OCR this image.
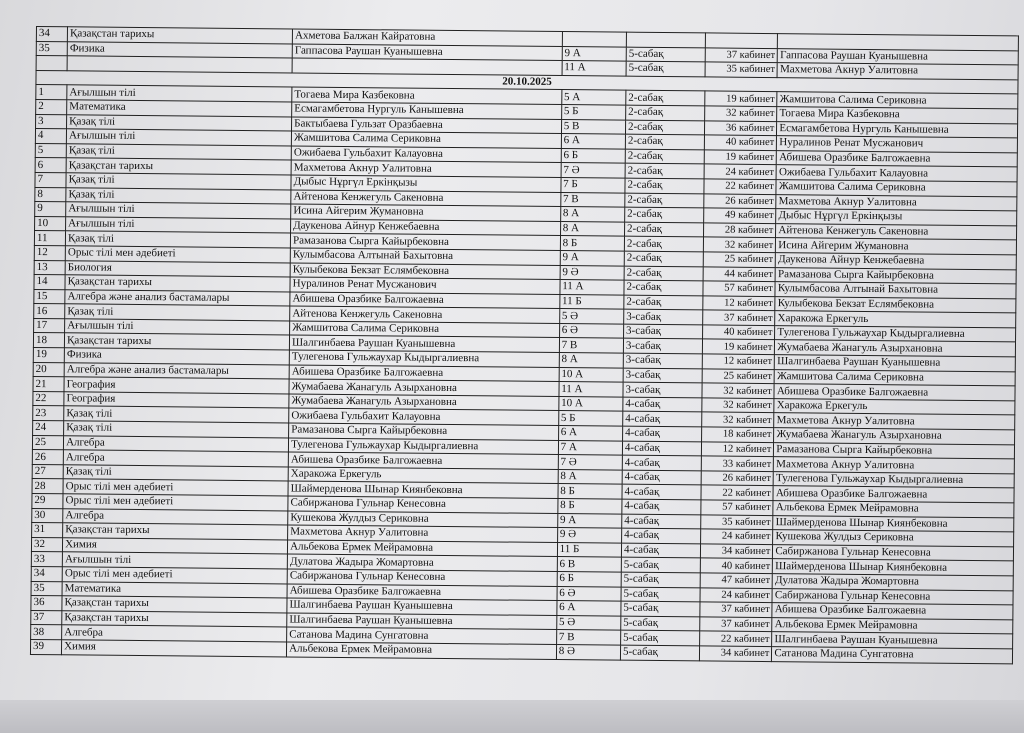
34	Қазақстан тарихы	Ахметова Балжан Кайратовна				
35	Физика	Гаппасова Раушан Куанышевна	9 А	5-сабақ	37 кабинет	Гаппасова Раушан Куанышевна
			11 А	5-сабақ	35 кабинет	Махметова Акнур Уалитовна
20.10.2025						
1	Ағылшын тілі	Тогаева Мира Казбековна	5 А	2-сабақ	19 кабинет	Жамшитова Салима Сериковна
2	Математика	Есмагамбетова Нургуль Канышевна	5 Б	2-сабақ	32 кабинет	Тогаева Мира Казбековна
3	Қазақ тілі	Бактыбаева Гульзат Оразбаевна	5 В	2-сабақ	36 кабинет	Есмагамбетова Нургуль Канышевна
4	Ағылшын тілі	Жамшитова Салима Сериковна	6 А	2-сабақ	40 кабинет	Нуралинов Ренат Мусжанович
5	Қазақ тілі	Ожибаева Гульбахит Калауовна	6 Б	2-сабақ	19 кабинет	Абишева Оразбике Балгожаевна
6	Қазақстан тарихы	Махметова Акнур Уалитовна	7 Ә	2-сабақ	24 кабинет	Ожибаева Гульбахит Калауовна
7	Қазақ тілі	Дыбыс Нұргүл Еркінқызы	7 Б	2-сабақ	22 кабинет	Жамшитова Салима Сериковна
8	Қазақ тілі	Айтенова Кенжегуль Сакеновна	7 В	2-сабақ	26 кабинет	Махметова Акнур Уалитовна
9	Ағылшын тілі	Исина Айгерим Жумановна	8 А	2-сабақ	49 кабинет	Дыбыс Нұргүл Еркінқызы
10	Ағылшын тілі	Даукенова Айнур Кенжебаевна	8 А	2-сабақ	28 кабинет	Айтенова Кенжегуль Сакеновна
11	Қазақ тілі	Рамазанова Сырга Кайырбековна	8 Б	2-сабақ	32 кабинет	Исина Айгерим Жумановна
12	Орыс тілі мен әдебиеті	Кулымбасова Алтынай Бахытовна	9 А	2-сабақ	25 кабинет	Даукенова Айнур Кенжебаевна
13	Биология	Кулыбекова Бекзат Еслямбековна	9 Ә	2-сабақ	44 кабинет	Рамазанова Сырга Кайырбековна
14	Қазақстан тарихы	Нуралинов Ренат Мусжанович	11 А	2-сабақ	57 кабинет	Кулымбасова Алтынай Бахытовна
15	Алгебра және анализ бастамалары	Абишева Оразбике Балгожаевна	11 Б	2-сабақ	12 кабинет	Кулыбекова Бекзат Еслямбековна
16	Қазақ тілі	Айтенова Кенжегуль Сакеновна	5 Ә	3-сабақ	37 кабинет	Харакожа Еркегуль
17	Ағылшын тілі	Жамшитова Салима Сериковна	6 Ә	3-сабақ	40 кабинет	Тулегенова Гульжаухар Кыдыргалиевна
18	Қазақстан тарихы	Шалгинбаева Раушан Куанышевна	7 В	3-сабақ	19 кабинет	Жумабаева Жанагуль Азырхановна
19	Физика	Тулегенова Гульжаухар Кыдыргалиевна	8 А	3-сабақ	12 кабинет	Шалгинбаева Раушан Куанышевна
20	Алгебра және анализ бастамалары	Абишева Оразбике Балгожаевна	10 А	3-сабақ	25 кабинет	Жамшитова Салима Сериковна
21	География	Жумабаева Жанагуль Азырхановна	11 А	3-сабақ	32 кабинет	Абишева Оразбике Балгожаевна
22	География	Жумабаева Жанагуль Азырхановна	10 А	4-сабақ	32 кабинет	Харакожа Еркегуль
23	Қазақ тілі	Ожибаева Гульбахит Калауовна	5 Б	4-сабақ	32 кабинет	Махметова Акнур Уалитовна
24	Қазақ тілі	Рамазанова Сырга Кайырбековна	6 А	4-сабақ	18 кабинет	Жумабаева Жанагуль Азырхановна
25	Алгебра	Тулегенова Гульжаухар Кыдыргалиевна	7 А	4-сабақ	12 кабинет	Рамазанова Сырга Кайырбековна
26	Алгебра	Абишева Оразбике Балгожаевна	7 Ә	4-сабақ	33 кабинет	Махметова Акнур Уалитовна
27	Қазақ тілі	Харакожа Еркегуль	8 А	4-сабақ	26 кабинет	Тулегенова Гульжаухар Кыдыргалиевна
28	Орыс тілі мен әдебиеті	Шаймерденова Шынар Киянбековна	8 Б	4-сабақ	22 кабинет	Абишева Оразбике Балгожаевна
29	Орыс тілі мен әдебиеті	Сабиржанова Гульнар Кенесовна	8 Б	4-сабақ	57 кабинет	Альбекова Ермек Мейрамовна
30	Алгебра	Кушекова Жулдыз Сериковна	9 А	4-сабақ	35 кабинет	Шаймерденова Шынар Киянбековна
31	Қазақстан тарихы	Махметова Акнур Уалитовна	9 Ә	4-сабақ	24 кабинет	Кушекова Жулдыз Сериковна
32	Химия	Альбекова Ермек Мейрамовна	11 Б	4-сабақ	34 кабинет	Сабиржанова Гульнар Кенесовна
33	Ағылшын тілі	Дулатова Жадыра Жомартовна	6 В	5-сабақ	40 кабинет	Шаймерденова Шынар Киянбековна
34	Орыс тілі мен әдебиеті	Сабиржанова Гульнар Кенесовна	6 Б	5-сабақ	47 кабинет	Дулатова Жадыра Жомартовна
35	Математика	Абишева Оразбике Балгожаевна	6 Ә	5-сабақ	24 кабинет	Сабиржанова Гульнар Кенесовна
36	Қазақстан тарихы	Шалгинбаева Раушан Куанышевна	6 А	5-сабақ	37 кабинет	Абишева Оразбике Балгожаевна
37	Қазақстан тарихы	Шалгинбаева Раушан Куанышевна	5 Ә	5-сабақ	37 кабинет	Альбекова Ермек Мейрамовна
38	Алгебра	Сатанова Мадина Сунгатовна	7 В	5-сабақ	22 кабинет	Шалгинбаева Раушан Куанышевна
39	Химия	Альбекова Ермек Мейрамовна	8 Ә	5-сабақ	34 кабинет	Сатанова Мадина Сунгатовна
